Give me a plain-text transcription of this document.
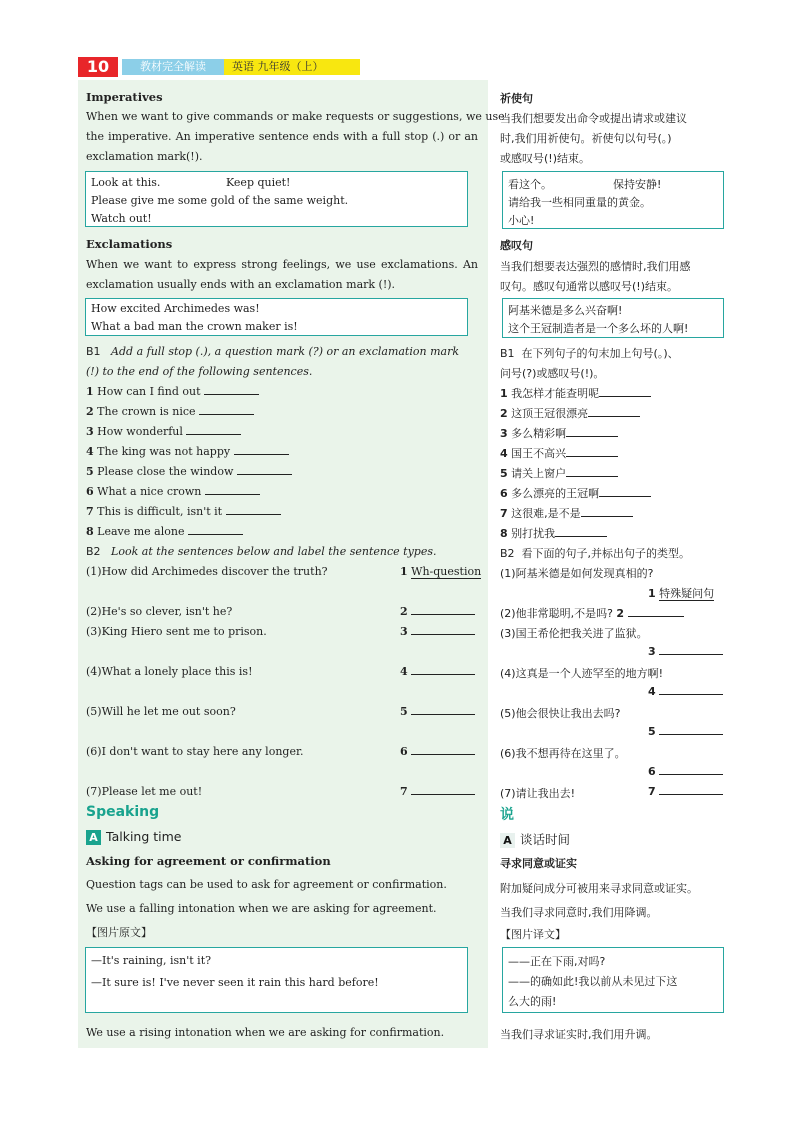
10	教材完全解读	英语 九年级（上）
Imperatives
When we want to give commands or make requests or suggestions, we use
the imperative. An imperative sentence ends with a full stop (.) or an
exclamation mark(!).
Look at this.	Keep quiet!
Please give me some gold of the same weight.
Watch out!
Exclamations
When we want to express strong feelings, we use exclamations. An
exclamation usually ends with an exclamation mark (!).
How excited Archimedes was!
What a bad man the crown maker is!
B1 Add a full stop (.), a question mark (?) or an exclamation mark
(!) to the end of the following sentences.
1 How can I find out
2 The crown is nice
3 How wonderful
4 The king was not happy
5 Please close the window
6 What a nice crown
7 This is difficult, isn't it
8 Leave me alone
B2 Look at the sentences below and label the sentence types.
(1)How did Archimedes discover the truth?	1 Wh-question
(2)He's so clever, isn't he?	2
(3)King Hiero sent me to prison.	3
(4)What a lonely place this is!	4
(5)Will he let me out soon?	5
(6)I don't want to stay here any longer.	6
(7)Please let me out!	7
Speaking
A Talking time
Asking for agreement or confirmation
Question tags can be used to ask for agreement or confirmation.
We use a falling intonation when we are asking for agreement.
【图片原文】
—It's raining, isn't it?
—It sure is! I've never seen it rain this hard before!
We use a rising intonation when we are asking for confirmation.
祈使句
当我们想要发出命令或提出请求或建议
时,我们用祈使句。祈使句以句号(。)
或感叹号(!)结束。
看这个。	保持安静!
请给我一些相同重量的黄金。
小心!
感叹句
当我们想要表达强烈的感情时,我们用感
叹句。感叹句通常以感叹号(!)结束。
阿基米德是多么兴奋啊!
这个王冠制造者是一个多么坏的人啊!
B1 在下列句子的句末加上句号(。)、
问号(?)或感叹号(!)。
1 我怎样才能查明呢
2 这顶王冠很漂亮
3 多么精彩啊
4 国王不高兴
5 请关上窗户
6 多么漂亮的王冠啊
7 这很难,是不是
8 别打扰我
B2 看下面的句子,并标出句子的类型。
(1)阿基米德是如何发现真相的?
1 特殊疑问句
(2)他非常聪明,不是吗? 2
(3)国王希伦把我关进了监狱。
3
(4)这真是一个人迹罕至的地方啊!
4
(5)他会很快让我出去吗?
5
(6)我不想再待在这里了。
6
(7)请让我出去!	7
说
A 谈话时间
寻求同意或证实
附加疑问成分可被用来寻求同意或证实。
当我们寻求同意时,我们用降调。
【图片译文】
——正在下雨,对吗?
——的确如此!我以前从未见过下这
么大的雨!
当我们寻求证实时,我们用升调。
